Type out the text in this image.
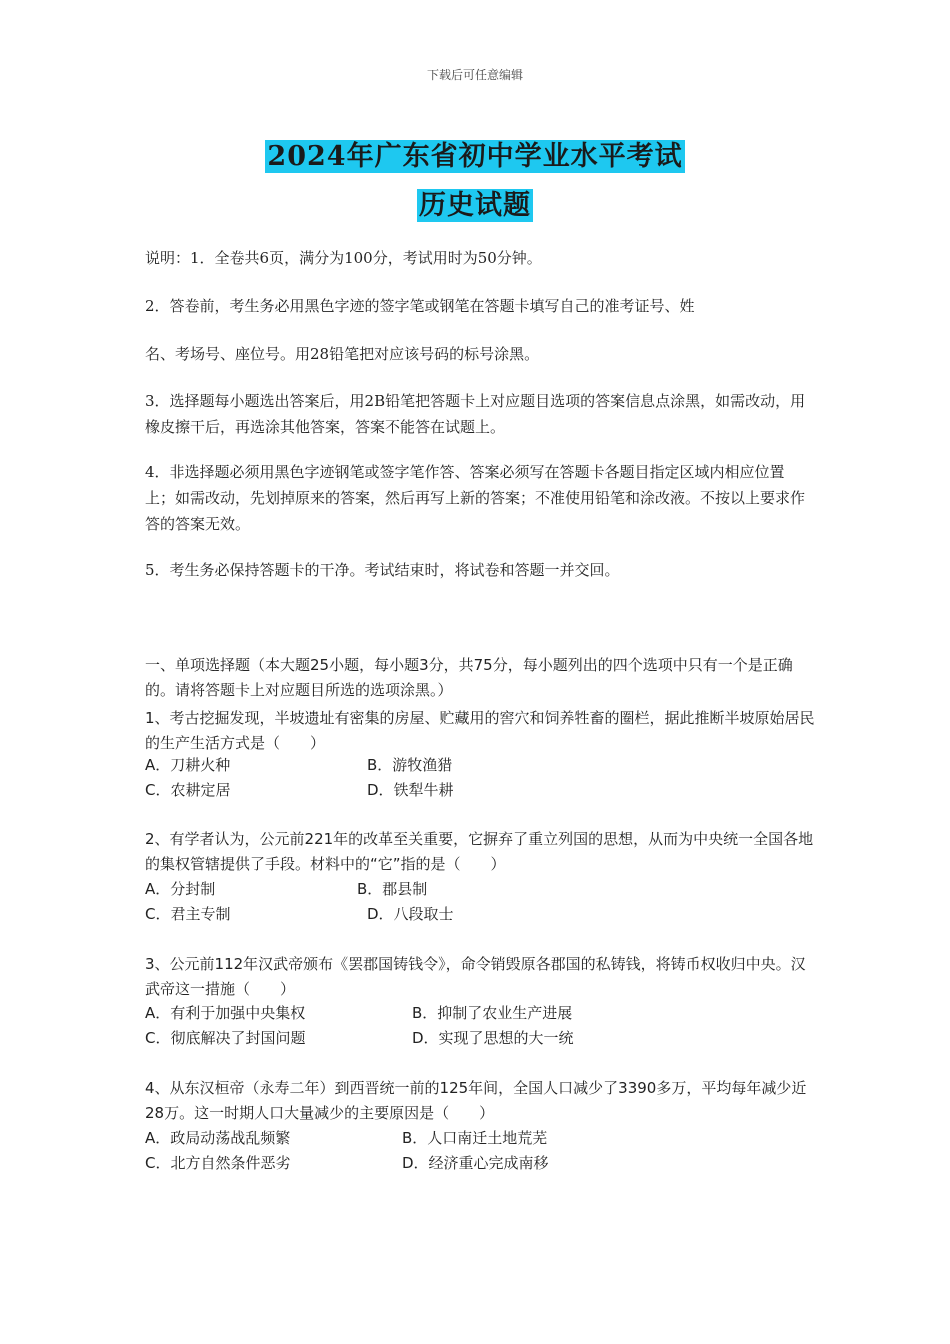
下载后可任意编辑
2024年广东省初中学业水平考试
历史试题
说明：1．全卷共6页，满分为100分，考试用时为50分钟。
2．答卷前，考生务必用黑色字迹的签字笔或钢笔在答题卡填写自己的准考证号、姓
名、考场号、座位号。用28铅笔把对应该号码的标号涂黑。
3．选择题每小题选出答案后，用2B铅笔把答题卡上对应题目选项的答案信息点涂黑，如需改动，用橡皮擦干后，再选涂其他答案，答案不能答在试题上。
4．非选择题必须用黑色字迹钢笔或签字笔作答、答案必须写在答题卡各题目指定区域内相应位置上；如需改动，先划掉原来的答案，然后再写上新的答案；不准使用铅笔和涂改液。不按以上要求作答的答案无效。
5．考生务必保持答题卡的干净。考试结束时，将试卷和答题一并交回。
一、单项选择题（本大题25小题，每小题3分，共75分，每小题列出的四个选项中只有一个是正确的。请将答题卡上对应题目所选的选项涂黑。）
1、考古挖掘发现，半坡遗址有密集的房屋、贮藏用的窖穴和饲养牲畜的圈栏，据此推断半坡原始居民的生产生活方式是（　　）
A．刀耕火种	B．游牧渔猎
C．农耕定居	D．铁犁牛耕
2、有学者认为，公元前221年的改革至关重要，它摒弃了重立列国的思想，从而为中央统一全国各地的集权管辖提供了手段。材料中的“它”指的是（　　）
A．分封制	B．郡县制
C．君主专制	D．八段取士
3、公元前112年汉武帝颁布《罢郡国铸钱令》，命令销毁原各郡国的私铸钱，将铸币权收归中央。汉武帝这一措施（　　）
A．有利于加强中央集权	B．抑制了农业生产进展
C．彻底解决了封国问题	D．实现了思想的大一统
4、从东汉桓帝（永寿二年）到西晋统一前的125年间，全国人口减少了3390多万，平均每年减少近28万。这一时期人口大量减少的主要原因是（　　）
A．政局动荡战乱频繁	B．人口南迁土地荒芜
C．北方自然条件恶劣	D．经济重心完成南移
